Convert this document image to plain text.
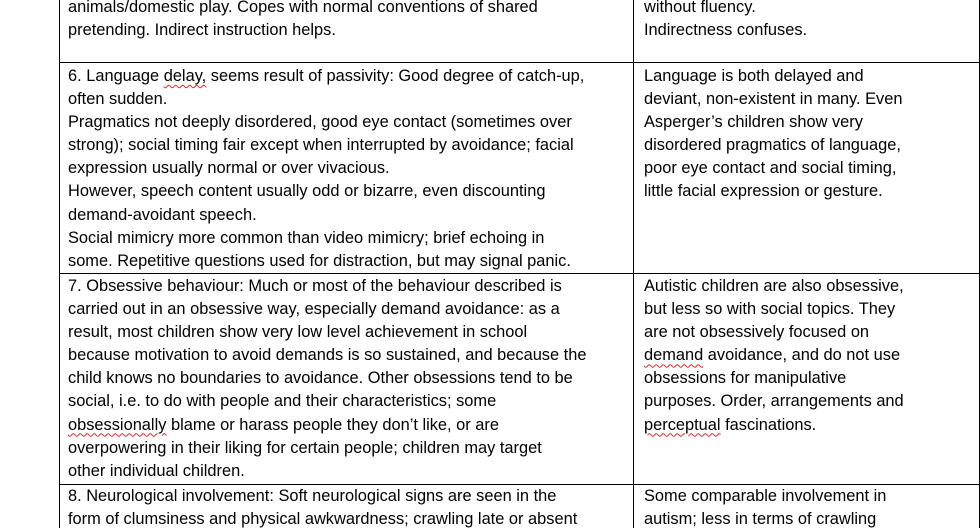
animals/domestic play. Copes with normal conventions of shared
pretending. Indirect instruction helps.
without fluency.
Indirectness confuses.
6. Language delay, seems result of passivity: Good degree of catch-up,
often sudden.
Pragmatics not deeply disordered, good eye contact (sometimes over
strong); social timing fair except when interrupted by avoidance; facial
expression usually normal or over vivacious.
However, speech content usually odd or bizarre, even discounting
demand-avoidant speech.
Social mimicry more common than video mimicry; brief echoing in
some. Repetitive questions used for distraction, but may signal panic.
Language is both delayed and
deviant, non-existent in many. Even
Asperger’s children show very
disordered pragmatics of language,
poor eye contact and social timing,
little facial expression or gesture.
7. Obsessive behaviour: Much or most of the behaviour described is
carried out in an obsessive way, especially demand avoidance: as a
result, most children show very low level achievement in school
because motivation to avoid demands is so sustained, and because the
child knows no boundaries to avoidance. Other obsessions tend to be
social, i.e. to do with people and their characteristics; some
obsessionally blame or harass people they don’t like, or are
overpowering in their liking for certain people; children may target
other individual children.
Autistic children are also obsessive,
but less so with social topics. They
are not obsessively focused on
demand avoidance, and do not use
obsessions for manipulative
purposes. Order, arrangements and
perceptual fascinations.
8. Neurological involvement: Soft neurological signs are seen in the
form of clumsiness and physical awkwardness; crawling late or absent
Some comparable involvement in
autism; less in terms of crawling
